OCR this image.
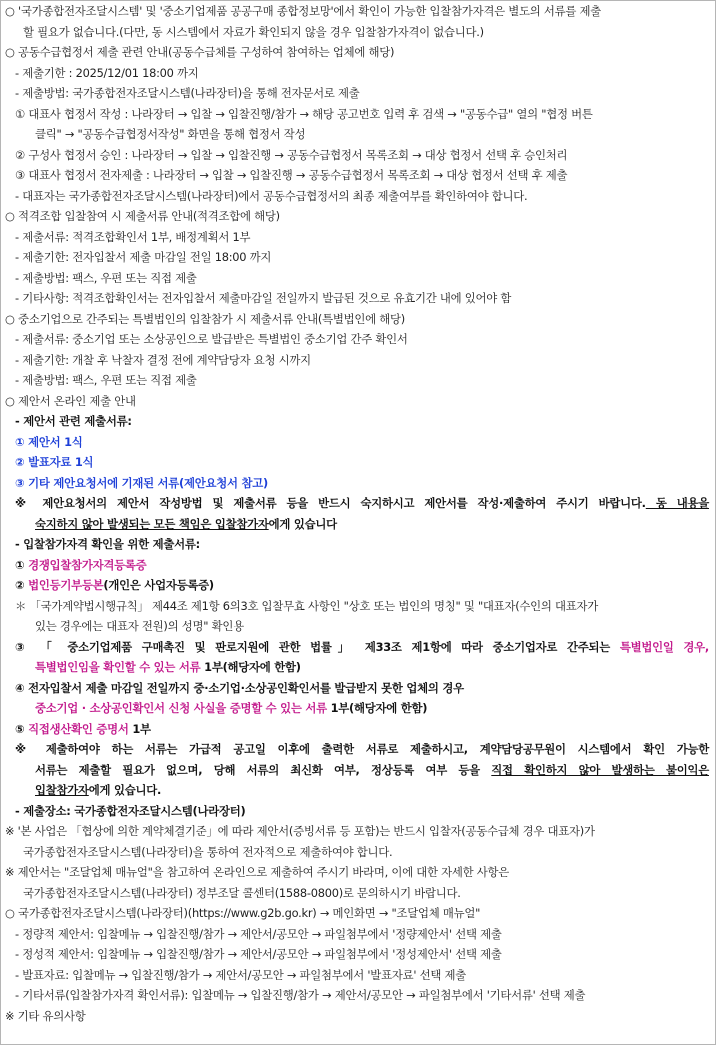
○ '국가종합전자조달시스템' 및 '중소기업제품 공공구매 종합정보망'에서 확인이 가능한 입찰참가자격은 별도의 서류를 제출
할 필요가 없습니다.(다만, 동 시스템에서 자료가 확인되지 않을 경우 입찰참가자격이 없습니다.)
○ 공동수급협정서 제출 관련 안내(공동수급체를 구성하여 참여하는 업체에 해당)
- 제출기한 : 2025/12/01 18:00 까지
- 제출방법: 국가종합전자조달시스템(나라장터)을 통해 전자문서로 제출
① 대표사 협정서 작성 : 나라장터 → 입찰 → 입찰진행/참가 → 해당 공고번호 입력 후 검색 → "공동수급" 열의 "협정 버튼
클릭" → "공동수급협정서작성" 화면을 통해 협정서 작성
② 구성사 협정서 승인 : 나라장터 → 입찰 → 입찰진행 → 공동수급협정서 목록조회 → 대상 협정서 선택 후 승인처리
③ 대표사 협정서 전자제출 : 나라장터 → 입찰 → 입찰진행 → 공동수급협정서 목록조회 → 대상 협정서 선택 후 제출
- 대표자는 국가종합전자조달시스템(나라장터)에서 공동수급협정서의 최종 제출여부를 확인하여야 합니다.
○ 적격조합 입찰참여 시 제출서류 안내(적격조합에 해당)
- 제출서류: 적격조합확인서 1부, 배정계획서 1부
- 제출기한: 전자입찰서 제출 마감일 전일 18:00 까지
- 제출방법: 팩스, 우편 또는 직접 제출
- 기타사항: 적격조합확인서는 전자입찰서 제출마감일 전일까지 발급된 것으로 유효기간 내에 있어야 함
○ 중소기업으로 간주되는 특별법인의 입찰참가 시 제출서류 안내(특별법인에 해당)
- 제출서류: 중소기업 또는 소상공인으로 발급받은 특별법인 중소기업 간주 확인서
- 제출기한: 개찰 후 낙찰자 결정 전에 계약담당자 요청 시까지
- 제출방법: 팩스, 우편 또는 직접 제출
○ 제안서 온라인 제출 안내
- 제안서 관련 제출서류:
① 제안서 1식
② 발표자료 1식
③ 기타 제안요청서에 기재된 서류(제안요청서 참고)
※ 제안요청서의 제안서 작성방법 및 제출서류 등을 반드시 숙지하시고 제안서를 작성·제출하여 주시기 바랍니다. 동 내용을
숙지하지 않아 발생되는 모든 책임은 입찰참가자에게 있습니다
- 입찰참가자격 확인을 위한 제출서류:
① 경쟁입찰참가자격등록증
② 법인등기부등본(개인은 사업자등록증)
＊ 「국가계약법시행규칙」 제44조 제1항 6의3호 입찰무효 사항인 "상호 또는 법인의 명칭" 및 "대표자(수인의 대표자가
있는 경우에는 대표자 전원)의 성명" 확인용
③ 「 중소기업제품 구매촉진 및 판로지원에 관한 법률」 제33조 제1항에 따라 중소기업자로 간주되는 특별법인일 경우,
특별법인임을 확인할 수 있는 서류 1부(해당자에 한함)
④ 전자입찰서 제출 마감일 전일까지 중·소기업·소상공인확인서를 발급받지 못한 업체의 경우
중소기업 · 소상공인확인서 신청 사실을 증명할 수 있는 서류 1부(해당자에 한함)
⑤ 직접생산확인 증명서 1부
※ 제출하여야 하는 서류는 가급적 공고일 이후에 출력한 서류로 제출하시고, 계약담당공무원이 시스템에서 확인 가능한
서류는 제출할 필요가 없으며, 당해 서류의 최신화 여부, 정상등록 여부 등을 직접 확인하지 않아 발생하는 불이익은
입찰참가자에게 있습니다.
- 제출장소: 국가종합전자조달시스템(나라장터)
※ '본 사업은 「협상에 의한 계약체결기준」에 따라 제안서(증빙서류 등 포함)는 반드시 입찰자(공동수급체 경우 대표자)가
국가종합전자조달시스템(나라장터)을 통하여 전자적으로 제출하여야 합니다.
※ 제안서는 "조달업체 매뉴얼"을 참고하여 온라인으로 제출하여 주시기 바라며, 이에 대한 자세한 사항은
국가종합전자조달시스템(나라장터) 정부조달 콜센터(1588-0800)로 문의하시기 바랍니다.
○ 국가종합전자조달시스템(나라장터)(https://www.g2b.go.kr) → 메인화면 → "조달업체 매뉴얼"
- 정량적 제안서: 입찰메뉴 → 입찰진행/참가 → 제안서/공모안 → 파일첨부에서 '정량제안서' 선택 제출
- 정성적 제안서: 입찰메뉴 → 입찰진행/참가 → 제안서/공모안 → 파일첨부에서 '정성제안서' 선택 제출
- 발표자료: 입찰메뉴 → 입찰진행/참가 → 제안서/공모안 → 파일첨부에서 '발표자료' 선택 제출
- 기타서류(입찰참가자격 확인서류): 입찰메뉴 → 입찰진행/참가 → 제안서/공모안 → 파일첨부에서 '기타서류' 선택 제출
※ 기타 유의사항
